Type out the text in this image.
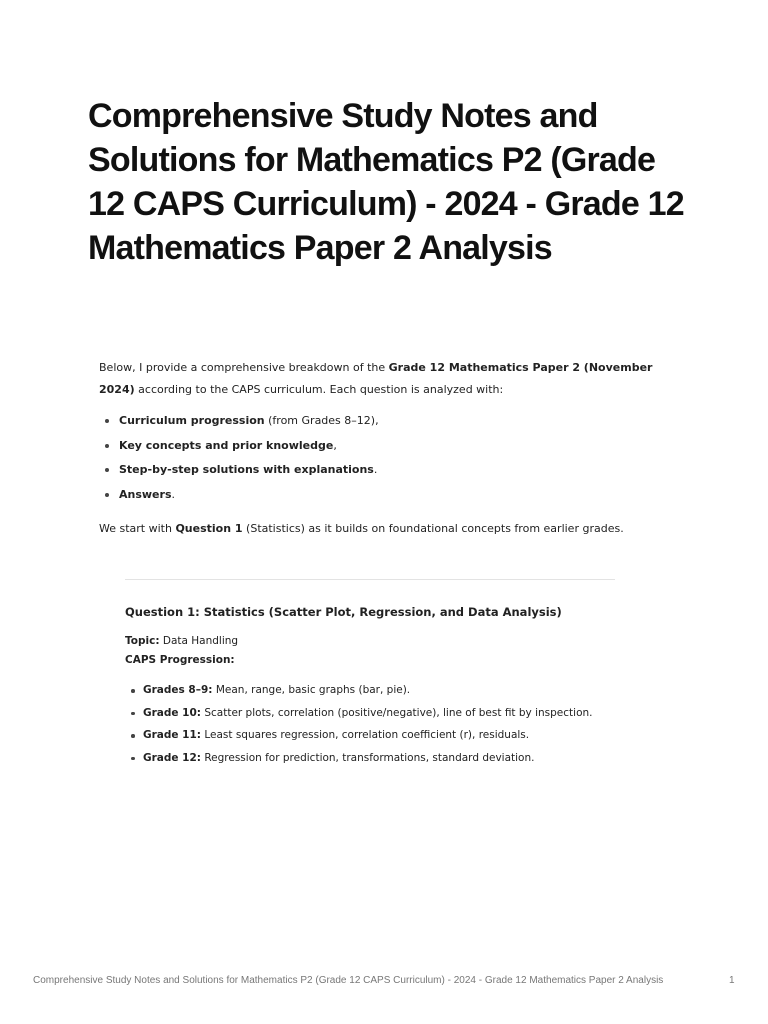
Comprehensive Study Notes and Solutions for Mathematics P2 (Grade 12 CAPS Curriculum) - 2024 - Grade 12 Mathematics Paper 2 Analysis

Below, I provide a comprehensive breakdown of the Grade 12 Mathematics Paper 2 (November 2024) according to the CAPS curriculum. Each question is analyzed with:

Curriculum progression (from Grades 8–12),
Key concepts and prior knowledge,
Step-by-step solutions with explanations.
Answers.

We start with Question 1 (Statistics) as it builds on foundational concepts from earlier grades.

Question 1: Statistics (Scatter Plot, Regression, and Data Analysis)

Topic: Data Handling

CAPS Progression:

Grades 8–9: Mean, range, basic graphs (bar, pie).
Grade 10: Scatter plots, correlation (positive/negative), line of best fit by inspection.
Grade 11: Least squares regression, correlation coefficient (r), residuals.
Grade 12: Regression for prediction, transformations, standard deviation.
Comprehensive Study Notes and Solutions for Mathematics P2 (Grade 12 CAPS Curriculum) - 2024 - Grade 12 Mathematics Paper 2 Analysis	1
